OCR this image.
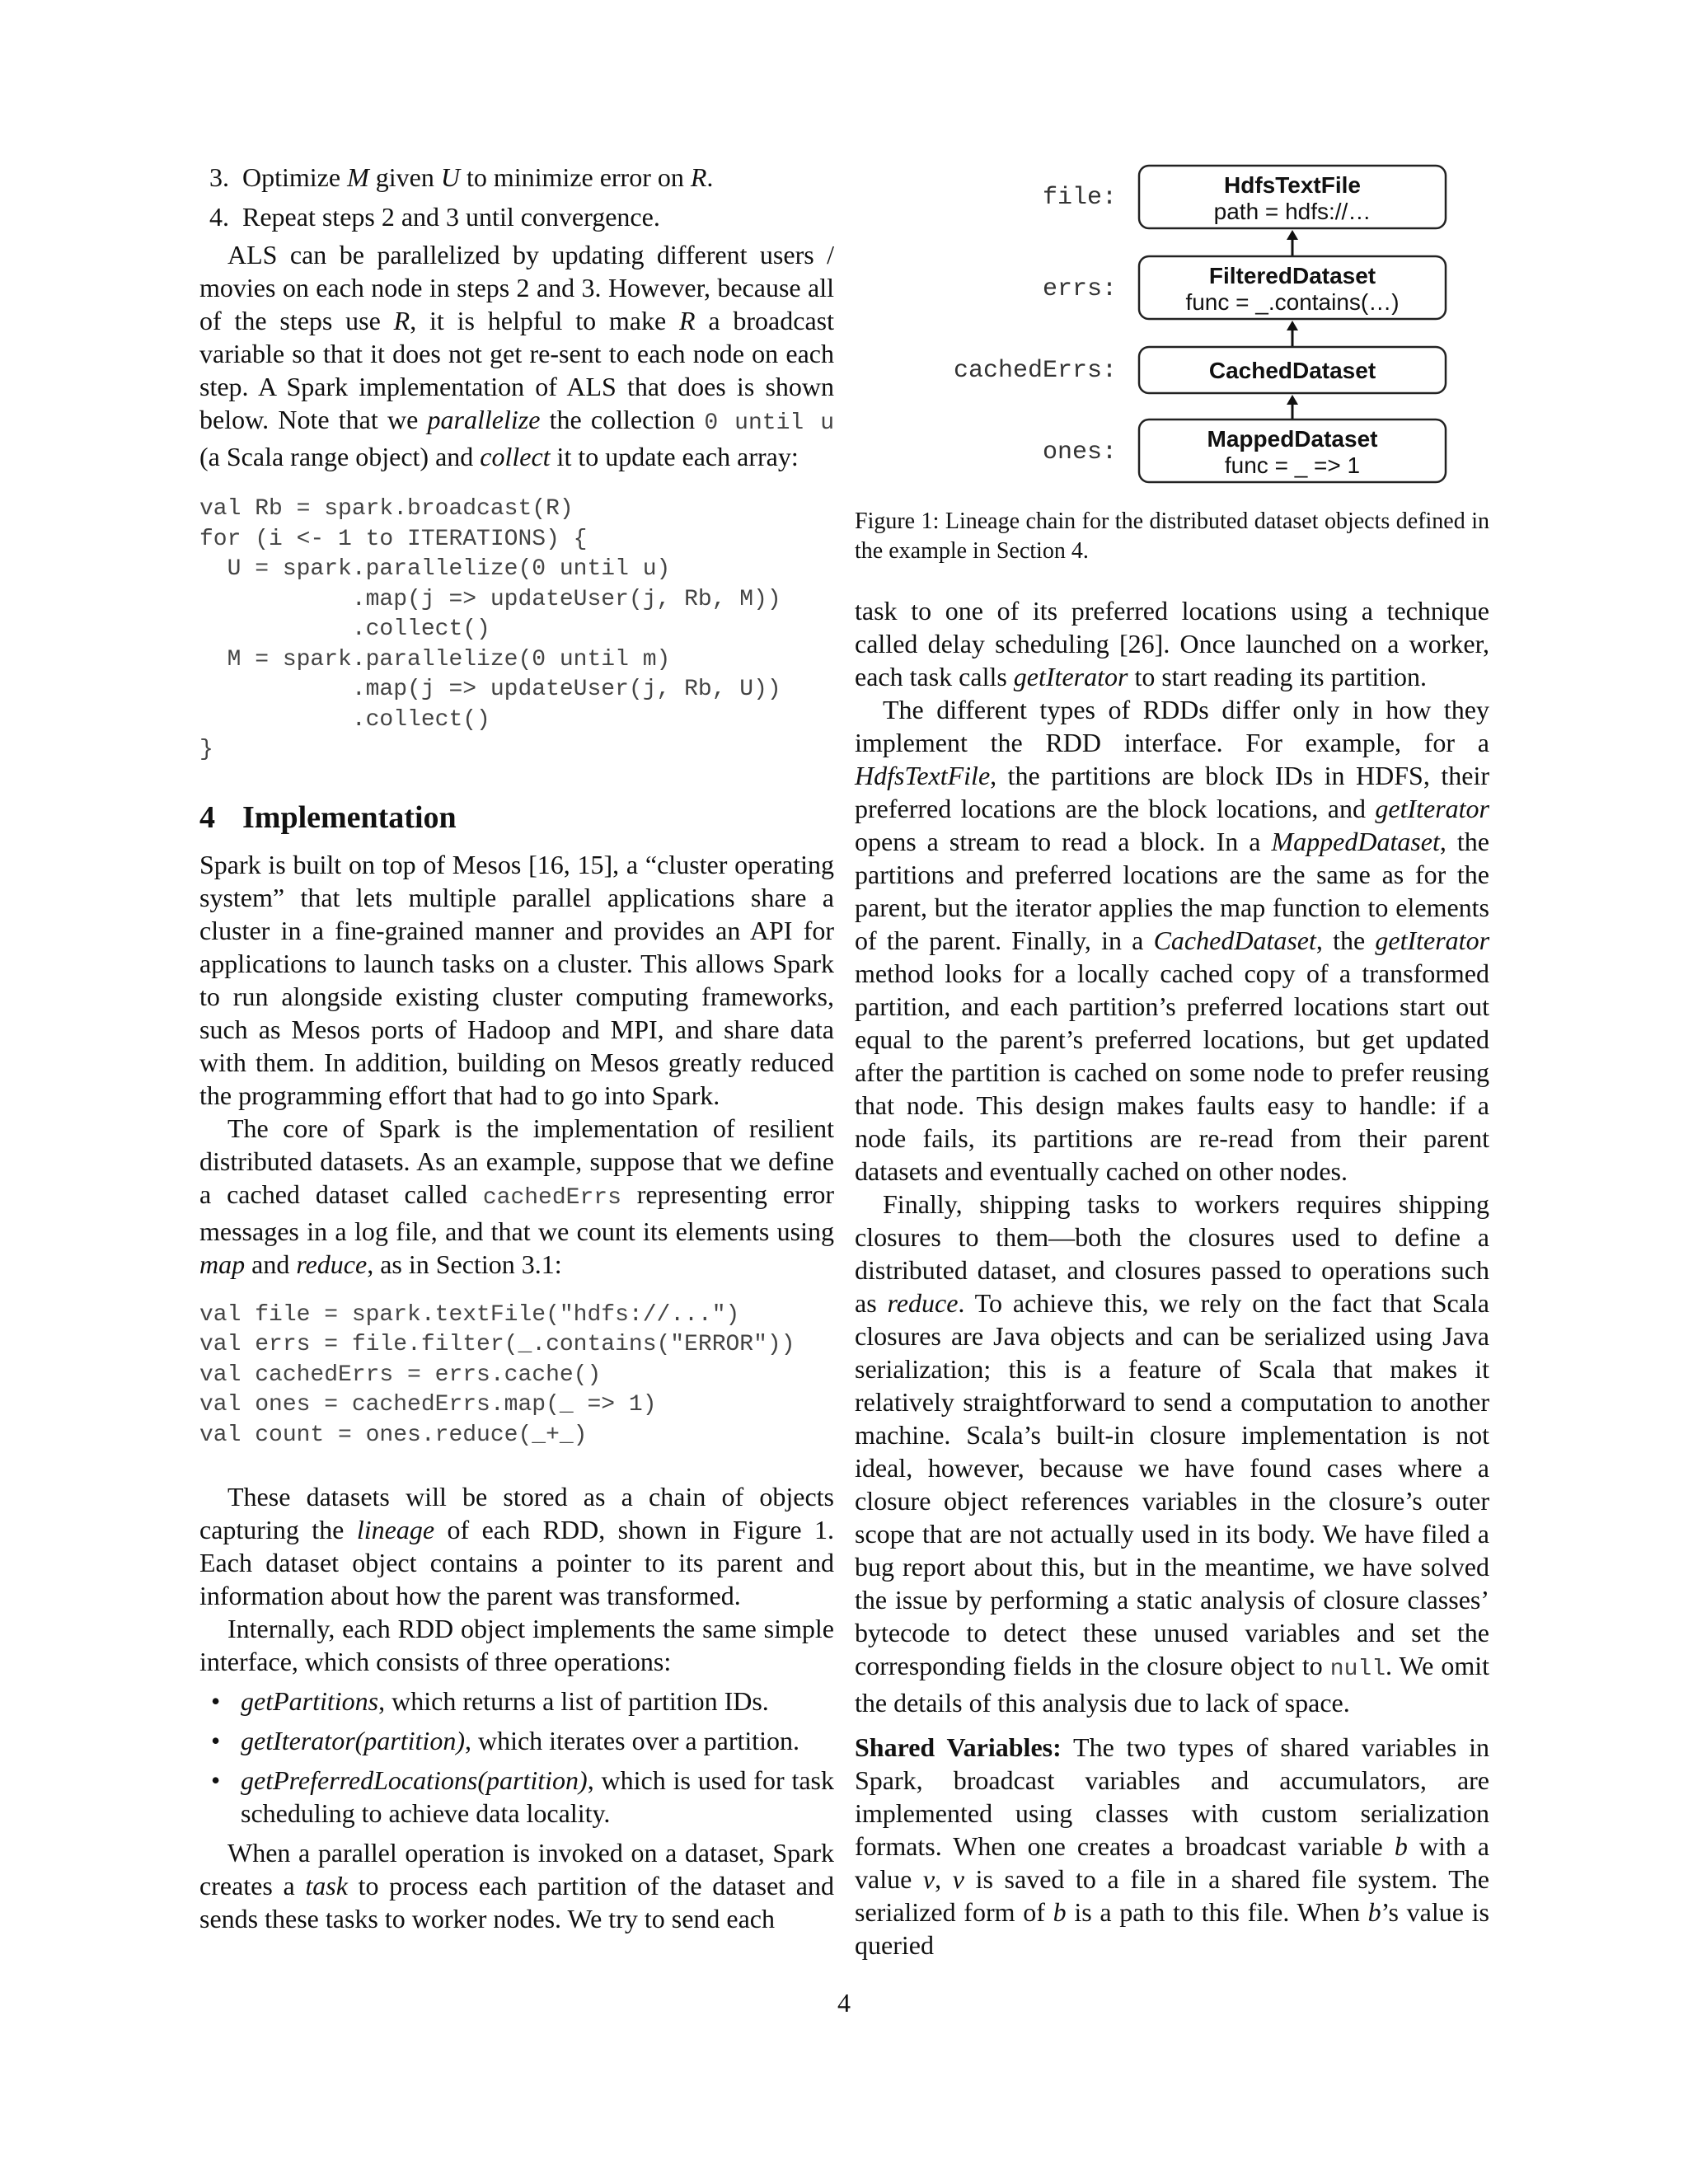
3. Optimize M given U to minimize error on R.
4. Repeat steps 2 and 3 until convergence.

ALS can be parallelized by updating different users / movies on each node in steps 2 and 3. However, because all of the steps use R, it is helpful to make R a broadcast variable so that it does not get re-sent to each node on each step. A Spark implementation of ALS that does is shown below. Note that we parallelize the collection 0 until u (a Scala range object) and collect it to update each array:

val Rb = spark.broadcast(R)
for (i <- 1 to ITERATIONS) {
U = spark.parallelize(0 until u)
.map(j => updateUser(j, Rb, M))
.collect()
M = spark.parallelize(0 until m)
.map(j => updateUser(j, Rb, U))
.collect()
}
4 Implementation

Spark is built on top of Mesos [16, 15], a “cluster operating system” that lets multiple parallel applications share a cluster in a fine-grained manner and provides an API for applications to launch tasks on a cluster. This allows Spark to run alongside existing cluster computing frameworks, such as Mesos ports of Hadoop and MPI, and share data with them. In addition, building on Mesos greatly reduced the programming effort that had to go into Spark.

The core of Spark is the implementation of resilient distributed datasets. As an example, suppose that we define a cached dataset called cachedErrs representing error messages in a log file, and that we count its elements using map and reduce, as in Section 3.1:

val file = spark.textFile("hdfs://...")
val errs = file.filter(_.contains("ERROR"))
val cachedErrs = errs.cache()
val ones = cachedErrs.map(_ => 1)
val count = ones.reduce(_+_)

These datasets will be stored as a chain of objects capturing the lineage of each RDD, shown in Figure 1. Each dataset object contains a pointer to its parent and information about how the parent was transformed.

Internally, each RDD object implements the same simple interface, which consists of three operations:

• getPartitions, which returns a list of partition IDs.
• getIterator(partition), which iterates over a partition.
• getPreferredLocations(partition), which is used for task scheduling to achieve data locality.

When a parallel operation is invoked on a dataset, Spark creates a task to process each partition of the dataset and sends these tasks to worker nodes. We try to send each

file:
errs:
cachedErrs:
ones:
HdfsTextFile
path = hdfs://…
FilteredDataset
func = _.contains(…)
CachedDataset
MappedDataset
func = _ => 1

Figure 1: Lineage chain for the distributed dataset objects defined in the example in Section 4.

task to one of its preferred locations using a technique called delay scheduling [26]. Once launched on a worker, each task calls getIterator to start reading its partition.

The different types of RDDs differ only in how they implement the RDD interface. For example, for a HdfsTextFile, the partitions are block IDs in HDFS, their preferred locations are the block locations, and getIterator opens a stream to read a block. In a MappedDataset, the partitions and preferred locations are the same as for the parent, but the iterator applies the map function to elements of the parent. Finally, in a CachedDataset, the getIterator method looks for a locally cached copy of a transformed partition, and each partition’s preferred locations start out equal to the parent’s preferred locations, but get updated after the partition is cached on some node to prefer reusing that node. This design makes faults easy to handle: if a node fails, its partitions are re-read from their parent datasets and eventually cached on other nodes.

Finally, shipping tasks to workers requires shipping closures to them—both the closures used to define a distributed dataset, and closures passed to operations such as reduce. To achieve this, we rely on the fact that Scala closures are Java objects and can be serialized using Java serialization; this is a feature of Scala that makes it relatively straightforward to send a computation to another machine. Scala’s built-in closure implementation is not ideal, however, because we have found cases where a closure object references variables in the closure’s outer scope that are not actually used in its body. We have filed a bug report about this, but in the meantime, we have solved the issue by performing a static analysis of closure classes’ bytecode to detect these unused variables and set the corresponding fields in the closure object to null. We omit the details of this analysis due to lack of space.

Shared Variables: The two types of shared variables in Spark, broadcast variables and accumulators, are implemented using classes with custom serialization formats. When one creates a broadcast variable b with a value v, v is saved to a file in a shared file system. The serialized form of b is a path to this file. When b’s value is queried

4
